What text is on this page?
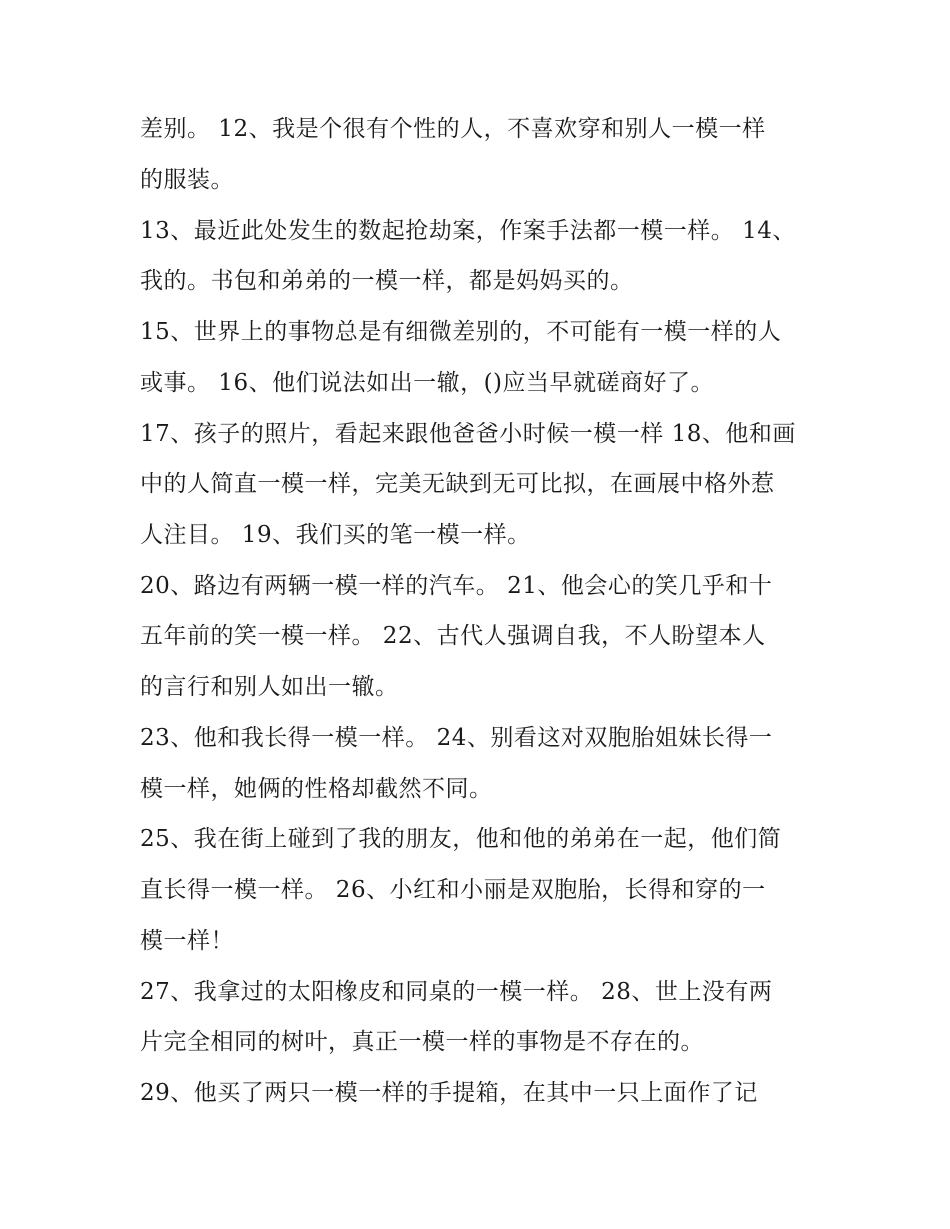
差别。 12、我是个很有个性的人，不喜欢穿和别人一模一样
的服装。
13、最近此处发生的数起抢劫案，作案手法都一模一样。 14、
我的。书包和弟弟的一模一样，都是妈妈买的。
15、世界上的事物总是有细微差别的，不可能有一模一样的人
或事。 16、他们说法如出一辙，()应当早就磋商好了。
17、孩子的照片，看起来跟他爸爸小时候一模一样 18、他和画
中的人简直一模一样，完美无缺到无可比拟，在画展中格外惹
人注目。 19、我们买的笔一模一样。
20、路边有两辆一模一样的汽车。 21、他会心的笑几乎和十
五年前的笑一模一样。 22、古代人强调自我，不人盼望本人
的言行和别人如出一辙。
23、他和我长得一模一样。 24、别看这对双胞胎姐妹长得一
模一样，她俩的性格却截然不同。
25、我在街上碰到了我的朋友，他和他的弟弟在一起，他们简
直长得一模一样。 26、小红和小丽是双胞胎，长得和穿的一
模一样！
27、我拿过的太阳橡皮和同桌的一模一样。 28、世上没有两
片完全相同的树叶，真正一模一样的事物是不存在的。
29、他买了两只一模一样的手提箱，在其中一只上面作了记
